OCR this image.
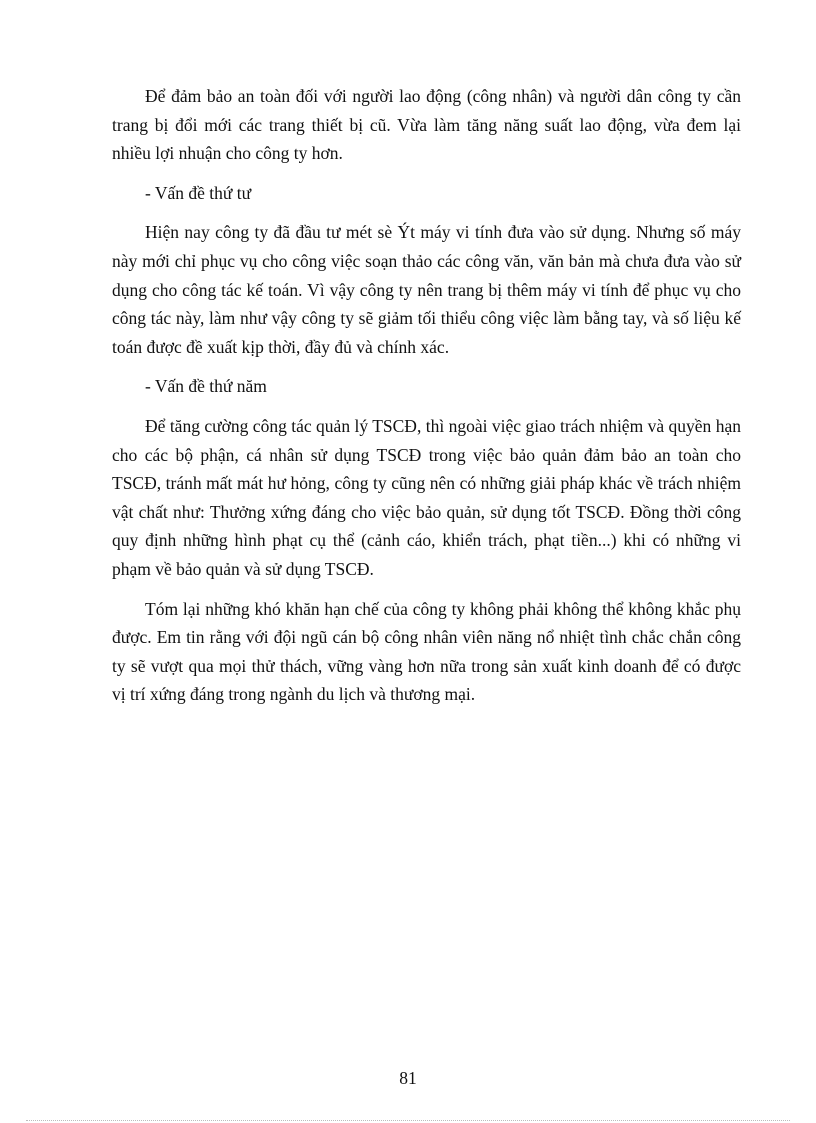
Để đảm bảo an toàn đối với người lao động (công nhân) và người dân công ty cần trang bị đổi mới các trang thiết bị cũ. Vừa làm tăng năng suất lao động, vừa đem lại nhiều lợi nhuận cho công ty hơn.

- Vấn đề thứ tư

Hiện nay công ty đã đầu tư mét sè Ýt máy vi tính đưa vào sử dụng. Nhưng số máy này mới chỉ phục vụ cho công việc soạn thảo các công văn, văn bản mà chưa đưa vào sử dụng cho công tác kế toán. Vì vậy công ty nên trang bị thêm máy vi tính để phục vụ cho công tác này, làm như vậy công ty sẽ giảm tối thiểu công việc làm bằng tay, và số liệu kế toán được đề xuất kịp thời, đầy đủ và chính xác.

- Vấn đề thứ năm

Để tăng cường công tác quản lý TSCĐ, thì ngoài việc giao trách nhiệm và quyền hạn cho các bộ phận, cá nhân sử dụng TSCĐ trong việc bảo quản đảm bảo an toàn cho TSCĐ, tránh mất mát hư hỏng, công ty cũng nên có những giải pháp khác về trách nhiệm vật chất như: Thưởng xứng đáng cho việc bảo quản, sử dụng tốt TSCĐ. Đồng thời công quy định những hình phạt cụ thể (cảnh cáo, khiển trách, phạt tiền...) khi có những vi phạm về bảo quản và sử dụng TSCĐ.

Tóm lại những khó khăn hạn chế của công ty không phải không thể không khắc phụ được. Em tin rằng với đội ngũ cán bộ công nhân viên năng nổ nhiệt tình chắc chắn công ty sẽ vượt qua mọi thử thách, vững vàng hơn nữa trong sản xuất kinh doanh để có được vị trí xứng đáng trong ngành du lịch và thương mại.

81
